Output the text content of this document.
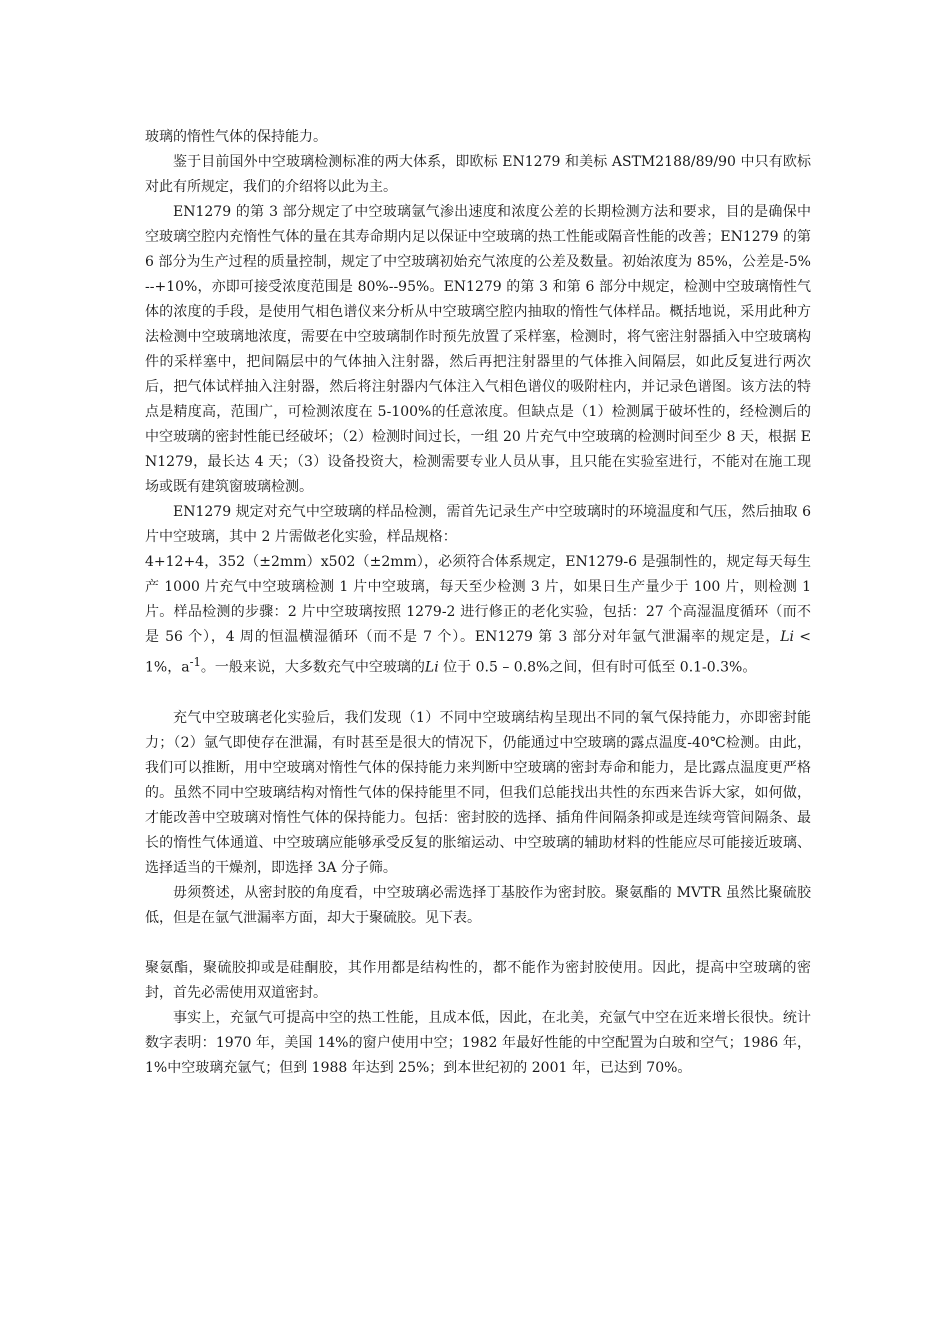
玻璃的惰性气体的保持能力。

鉴于目前国外中空玻璃检测标准的两大体系，即欧标 EN1279 和美标 ASTM2188/89/90 中只有欧标对此有所规定，我们的介绍将以此为主。

EN1279 的第 3 部分规定了中空玻璃氩气渗出速度和浓度公差的长期检测方法和要求，目的是确保中空玻璃空腔内充惰性气体的量在其寿命期内足以保证中空玻璃的热工性能或隔音性能的改善；EN1279 的第 6 部分为生产过程的质量控制，规定了中空玻璃初始充气浓度的公差及数量。初始浓度为 85%，公差是-5%--+10%，亦即可接受浓度范围是 80%--95%。EN1279 的第 3 和第 6 部分中规定，检测中空玻璃惰性气体的浓度的手段，是使用气相色谱仪来分析从中空玻璃空腔内抽取的惰性气体样品。概括地说，采用此种方法检测中空玻璃地浓度，需要在中空玻璃制作时预先放置了采样塞，检测时，将气密注射器插入中空玻璃构件的采样塞中，把间隔层中的气体抽入注射器，然后再把注射器里的气体推入间隔层，如此反复进行两次后，把气体试样抽入注射器，然后将注射器内气体注入气相色谱仪的吸附柱内，并记录色谱图。该方法的特点是精度高，范围广，可检测浓度在 5-100%的任意浓度。但缺点是（1）检测属于破坏性的，经检测后的中空玻璃的密封性能已经破坏；（2）检测时间过长，一组 20 片充气中空玻璃的检测时间至少 8 天，根据 EN1279，最长达 4 天；（3）设备投资大，检测需要专业人员从事，且只能在实验室进行，不能对在施工现场或既有建筑窗玻璃检测。

EN1279 规定对充气中空玻璃的样品检测，需首先记录生产中空玻璃时的环境温度和气压，然后抽取 6 片中空玻璃，其中 2 片需做老化实验，样品规格：

4+12+4，352（±2mm）x502（±2mm），必须符合体系规定，EN1279-6 是强制性的，规定每天每生产 1000 片充气中空玻璃检测 1 片中空玻璃，每天至少检测 3 片，如果日生产量少于 100 片，则检测 1 片。样品检测的步骤：2 片中空玻璃按照 1279-2 进行修正的老化实验，包括：27 个高湿温度循环（而不是 56 个），4 周的恒温横湿循环（而不是 7 个）。EN1279 第 3 部分对年氩气泄漏率的规定是，Li <1%，$a^{-1}$。一般来说，大多数充气中空玻璃的Li 位于 0.5 – 0.8%之间，但有时可低至 0.1-0.3%。

充气中空玻璃老化实验后，我们发现（1）不同中空玻璃结构呈现出不同的氧气保持能力，亦即密封能力；（2）氩气即使存在泄漏，有时甚至是很大的情况下，仍能通过中空玻璃的露点温度-40℃检测。由此，我们可以推断，用中空玻璃对惰性气体的保持能力来判断中空玻璃的密封寿命和能力，是比露点温度更严格的。虽然不同中空玻璃结构对惰性气体的保持能里不同，但我们总能找出共性的东西来告诉大家，如何做，才能改善中空玻璃对惰性气体的保持能力。包括：密封胶的选择、插角件间隔条抑或是连续弯管间隔条、最长的惰性气体通道、中空玻璃应能够承受反复的胀缩运动、中空玻璃的辅助材料的性能应尽可能接近玻璃、选择适当的干燥剂，即选择 3A 分子筛。

毋须赘述，从密封胶的角度看，中空玻璃必需选择丁基胶作为密封胶。聚氨酯的 MVTR 虽然比聚硫胶低，但是在氩气泄漏率方面，却大于聚硫胶。见下表。

聚氨酯，聚硫胶抑或是硅酮胶，其作用都是结构性的，都不能作为密封胶使用。因此，提高中空玻璃的密封，首先必需使用双道密封。

事实上，充氩气可提高中空的热工性能，且成本低，因此，在北美，充氩气中空在近来增长很快。统计数字表明：1970 年，美国 14%的窗户使用中空；1982 年最好性能的中空配置为白玻和空气；1986 年，1%中空玻璃充氩气；但到 1988 年达到 25%；到本世纪初的 2001 年，已达到 70%。
